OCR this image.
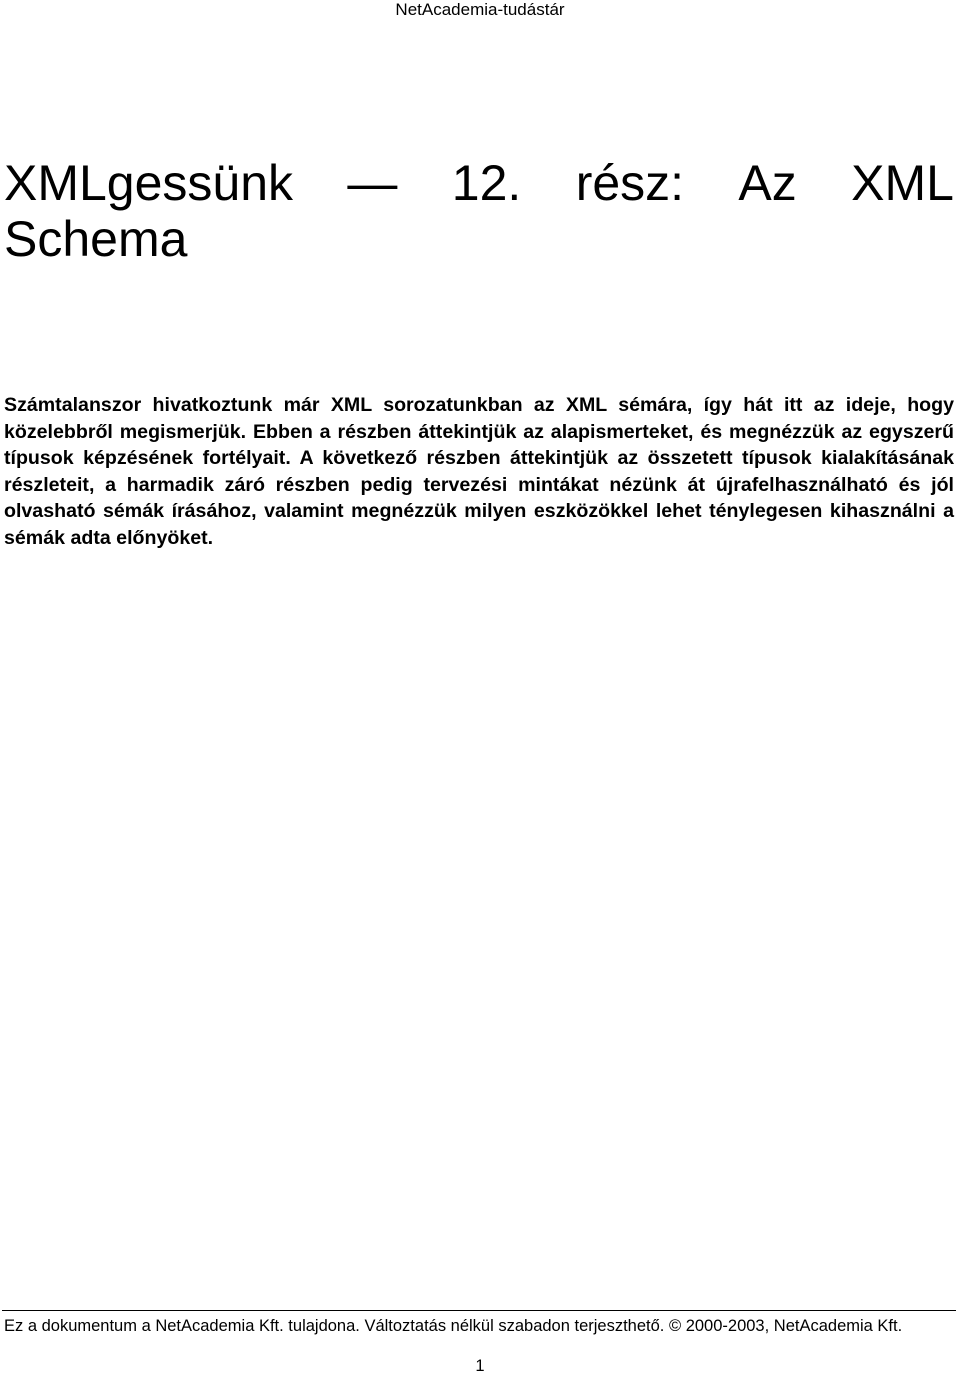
NetAcademia-tudástár
XMLgessünk — 12. rész: Az XML
Schema

Számtalanszor hivatkoztunk már XML sorozatunkban az XML sémára, így hát itt az ideje, hogy közelebbről megismerjük. Ebben a részben áttekintjük az alapismerteket, és megnézzük az egyszerű típusok képzésének fortélyait. A következő részben áttekintjük az összetett típusok kialakításának részleteit, a harmadik záró részben pedig tervezési mintákat nézünk át újrafelhasználható és jól olvasható sémák írásához, valamint megnézzük milyen eszközökkel lehet ténylegesen kihasználni a sémák adta előnyöket.

Ez a dokumentum a NetAcademia Kft. tulajdona. Változtatás nélkül szabadon terjeszthető. © 2000-2003, NetAcademia Kft.
1
